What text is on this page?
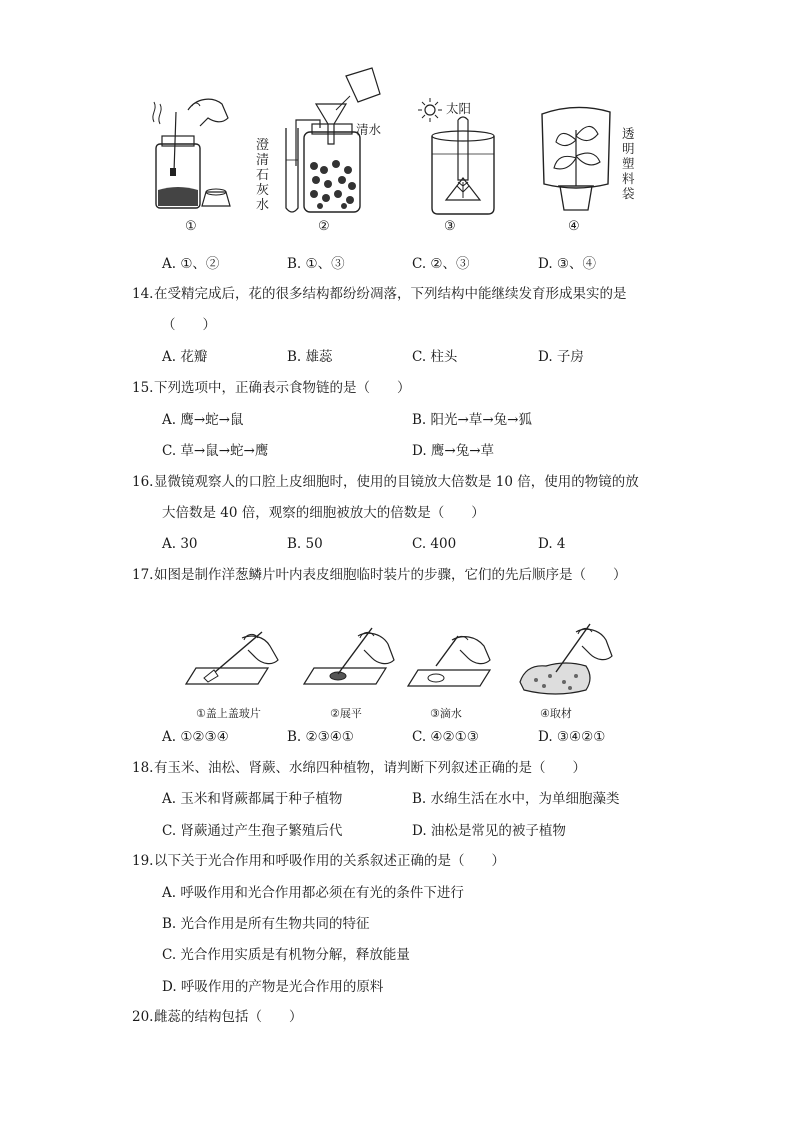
澄清石灰水
清水
太阳
透明塑料袋
①	②	③	④
A. ①、②	B. ①、③	C. ②、③	D. ③、④
14.在受精完成后，花的很多结构都纷纷凋落，下列结构中能继续发育形成果实的是
（　　）
A. 花瓣	B. 雄蕊	C. 柱头	D. 子房
15.下列选项中，正确表示食物链的是（　　）
A. 鹰→蛇→鼠	B. 阳光→草→兔→狐
C. 草→鼠→蛇→鹰	D. 鹰→兔→草
16.显微镜观察人的口腔上皮细胞时，使用的目镜放大倍数是 10 倍，使用的物镜的放
大倍数是 40 倍，观察的细胞被放大的倍数是（　　）
A. 30	B. 50	C. 400	D. 4
17.如图是制作洋葱鳞片叶内表皮细胞临时装片的步骤，它们的先后顺序是（　　）
①盖上盖玻片	②展平	③滴水	④取材
A. ①②③④	B. ②③④①	C. ④②①③	D. ③④②①
18.有玉米、油松、肾蕨、水绵四种植物，请判断下列叙述正确的是（　　）
A. 玉米和肾蕨都属于种子植物	B. 水绵生活在水中，为单细胞藻类
C. 肾蕨通过产生孢子繁殖后代	D. 油松是常见的被子植物
19.以下关于光合作用和呼吸作用的关系叙述正确的是（　　）
A. 呼吸作用和光合作用都必须在有光的条件下进行
B. 光合作用是所有生物共同的特征
C. 光合作用实质是有机物分解，释放能量
D. 呼吸作用的产物是光合作用的原料
20.雌蕊的结构包括（　　）
